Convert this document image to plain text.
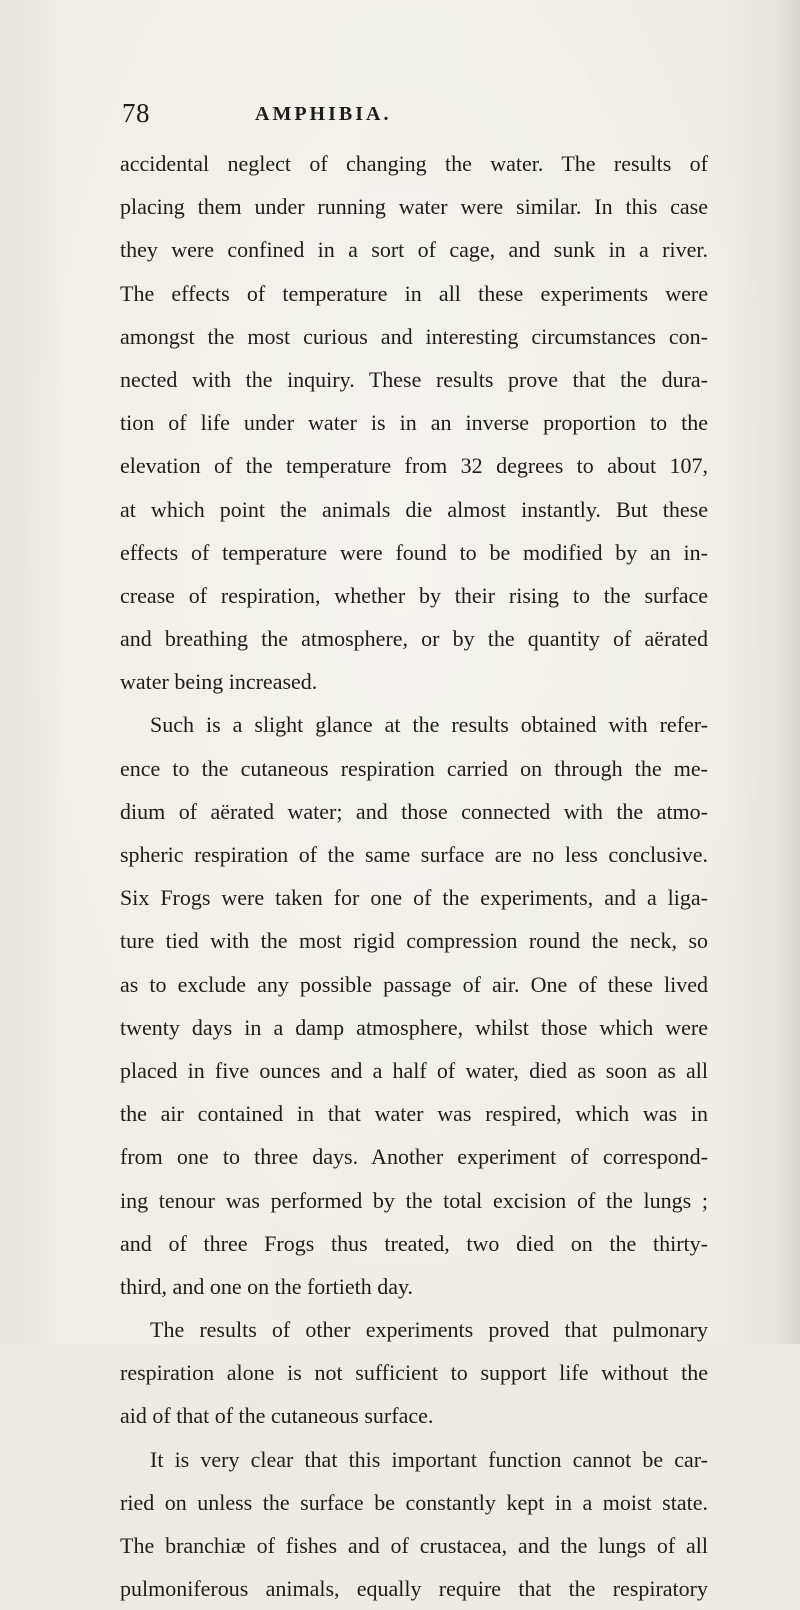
78	AMPHIBIA.
accidental neglect of changing the water. The results of
placing them under running water were similar. In this case
they were confined in a sort of cage, and sunk in a river.
The effects of temperature in all these experiments were
amongst the most curious and interesting circumstances con-
nected with the inquiry. These results prove that the dura-
tion of life under water is in an inverse proportion to the
elevation of the temperature from 32 degrees to about 107,
at which point the animals die almost instantly. But these
effects of temperature were found to be modified by an in-
crease of respiration, whether by their rising to the surface
and breathing the atmosphere, or by the quantity of aërated
water being increased.
Such is a slight glance at the results obtained with refer-
ence to the cutaneous respiration carried on through the me-
dium of aërated water; and those connected with the atmo-
spheric respiration of the same surface are no less conclusive.
Six Frogs were taken for one of the experiments, and a liga-
ture tied with the most rigid compression round the neck, so
as to exclude any possible passage of air. One of these lived
twenty days in a damp atmosphere, whilst those which were
placed in five ounces and a half of water, died as soon as all
the air contained in that water was respired, which was in
from one to three days. Another experiment of correspond-
ing tenour was performed by the total excision of the lungs ;
and of three Frogs thus treated, two died on the thirty-
third, and one on the fortieth day.
The results of other experiments proved that pulmonary
respiration alone is not sufficient to support life without the
aid of that of the cutaneous surface.
It is very clear that this important function cannot be car-
ried on unless the surface be constantly kept in a moist state.
The branchiæ of fishes and of crustacea, and the lungs of all
pulmoniferous animals, equally require that the respiratory
